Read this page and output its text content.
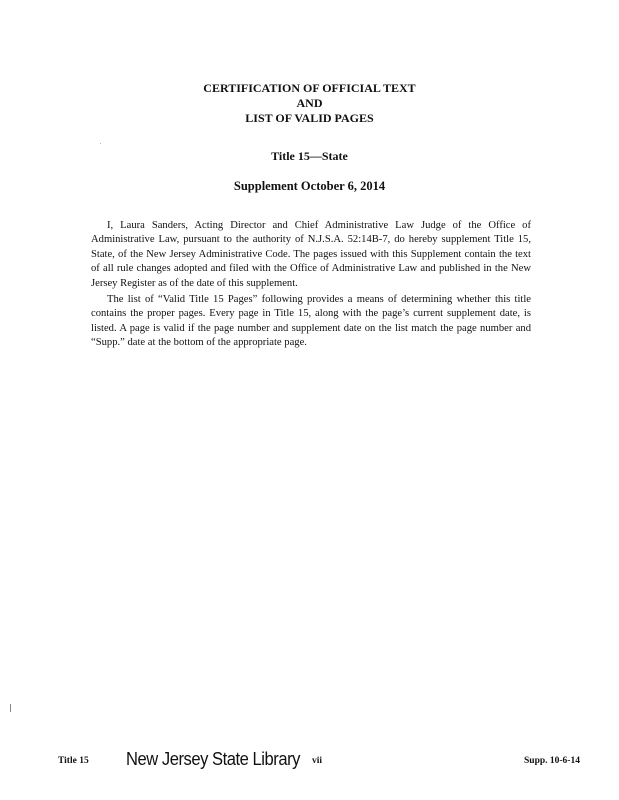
CERTIFICATION OF OFFICIAL TEXT
AND
LIST OF VALID PAGES
Title 15—State
Supplement October 6, 2014

I, Laura Sanders, Acting Director and Chief Administrative Law Judge of the Office of Administrative Law, pursuant to the authority of N.J.S.A. 52:14B-7, do hereby supplement Title 15, State, of the New Jersey Administrative Code. The pages issued with this Supplement contain the text of all rule changes adopted and filed with the Office of Administrative Law and published in the New Jersey Register as of the date of this supplement.

The list of “Valid Title 15 Pages” following provides a means of determining whether this title contains the proper pages. Every page in Title 15, along with the page’s current supplement date, is listed. A page is valid if the page number and supplement date on the list match the page number and “Supp.” date at the bottom of the appropriate page.

Title 15 New Jersey State Library vii	Supp. 10-6-14
